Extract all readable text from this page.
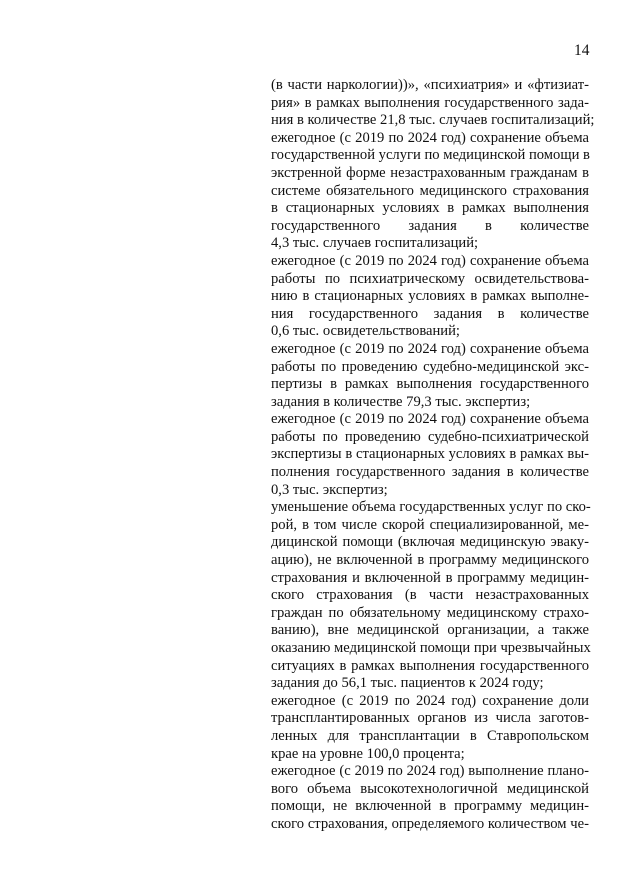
14
(в части наркологии))», «психиатрия» и «фтизиат-
рия» в рамках выполнения государственного зада-
ния в количестве 21,8 тыс. случаев госпитализаций;
ежегодное (с 2019 по 2024 год) сохранение объема
государственной услуги по медицинской помощи в
экстренной форме незастрахованным гражданам в
системе обязательного медицинского страхования
в стационарных условиях в рамках выполнения
государственного задания в количестве
4,3 тыс. случаев госпитализаций;
ежегодное (с 2019 по 2024 год) сохранение объема
работы по психиатрическому освидетельствова-
нию в стационарных условиях в рамках выполне-
ния государственного задания в количестве
0,6 тыс. освидетельствований;
ежегодное (с 2019 по 2024 год) сохранение объема
работы по проведению судебно-медицинской экс-
пертизы в рамках выполнения государственного
задания в количестве 79,3 тыс. экспертиз;
ежегодное (с 2019 по 2024 год) сохранение объема
работы по проведению судебно-психиатрической
экспертизы в стационарных условиях в рамках вы-
полнения государственного задания в количестве
0,3 тыс. экспертиз;
уменьшение объема государственных услуг по ско-
рой, в том числе скорой специализированной, ме-
дицинской помощи (включая медицинскую эваку-
ацию), не включенной в программу медицинского
страхования и включенной в программу медицин-
ского страхования (в части незастрахованных
граждан по обязательному медицинскому страхо-
ванию), вне медицинской организации, а также
оказанию медицинской помощи при чрезвычайных
ситуациях в рамках выполнения государственного
задания до 56,1 тыс. пациентов к 2024 году;
ежегодное (с 2019 по 2024 год) сохранение доли
трансплантированных органов из числа заготов-
ленных для трансплантации в Ставропольском
крае на уровне 100,0 процента;
ежегодное (с 2019 по 2024 год) выполнение плано-
вого объема высокотехнологичной медицинской
помощи, не включенной в программу медицин-
ского страхования, определяемого количеством че-
